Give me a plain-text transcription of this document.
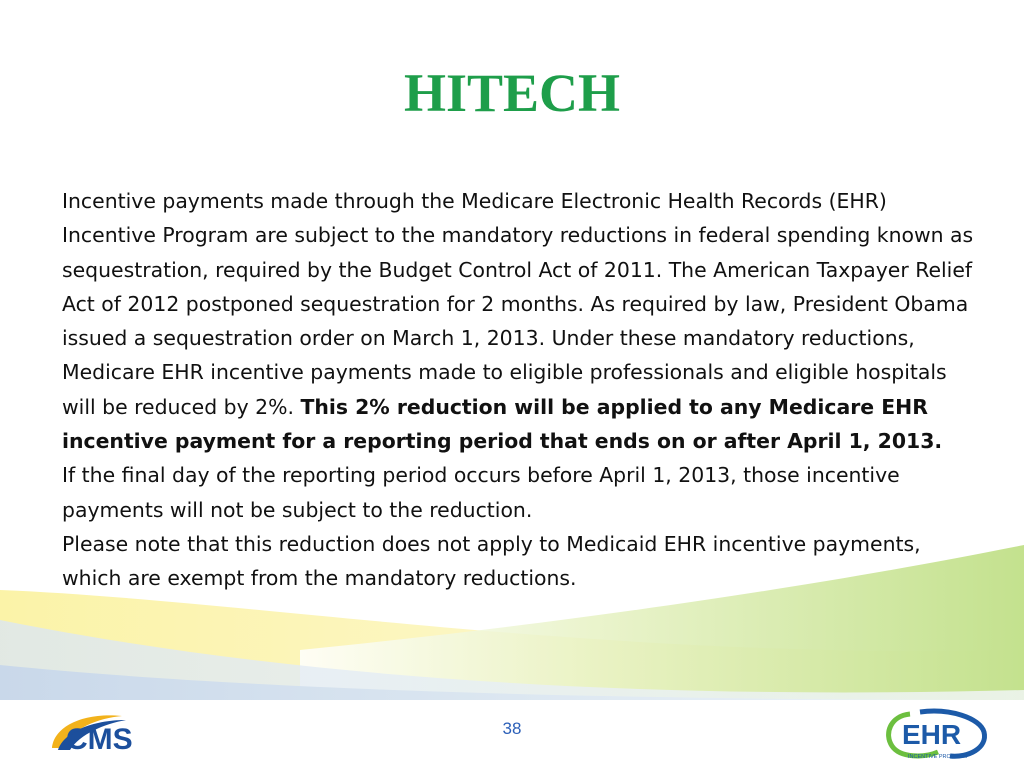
HITECH

Incentive payments made through the Medicare Electronic Health Records (EHR) Incentive Program are subject to the mandatory reductions in federal spending known as sequestration, required by the Budget Control Act of 2011. The American Taxpayer Relief Act of 2012 postponed sequestration for 2 months. As required by law, President Obama issued a sequestration order on March 1, 2013. Under these mandatory reductions, Medicare EHR incentive payments made to eligible professionals and eligible hospitals will be reduced by 2%. This 2% reduction will be applied to any Medicare EHR incentive payment for a reporting period that ends on or after April 1, 2013.
If the final day of the reporting period occurs before April 1, 2013, those incentive payments will not be subject to the reduction.

Please note that this reduction does not apply to Medicaid EHR incentive payments, which are exempt from the mandatory reductions.

CMS	38	EHR
INCENTIVE PROGRAM
